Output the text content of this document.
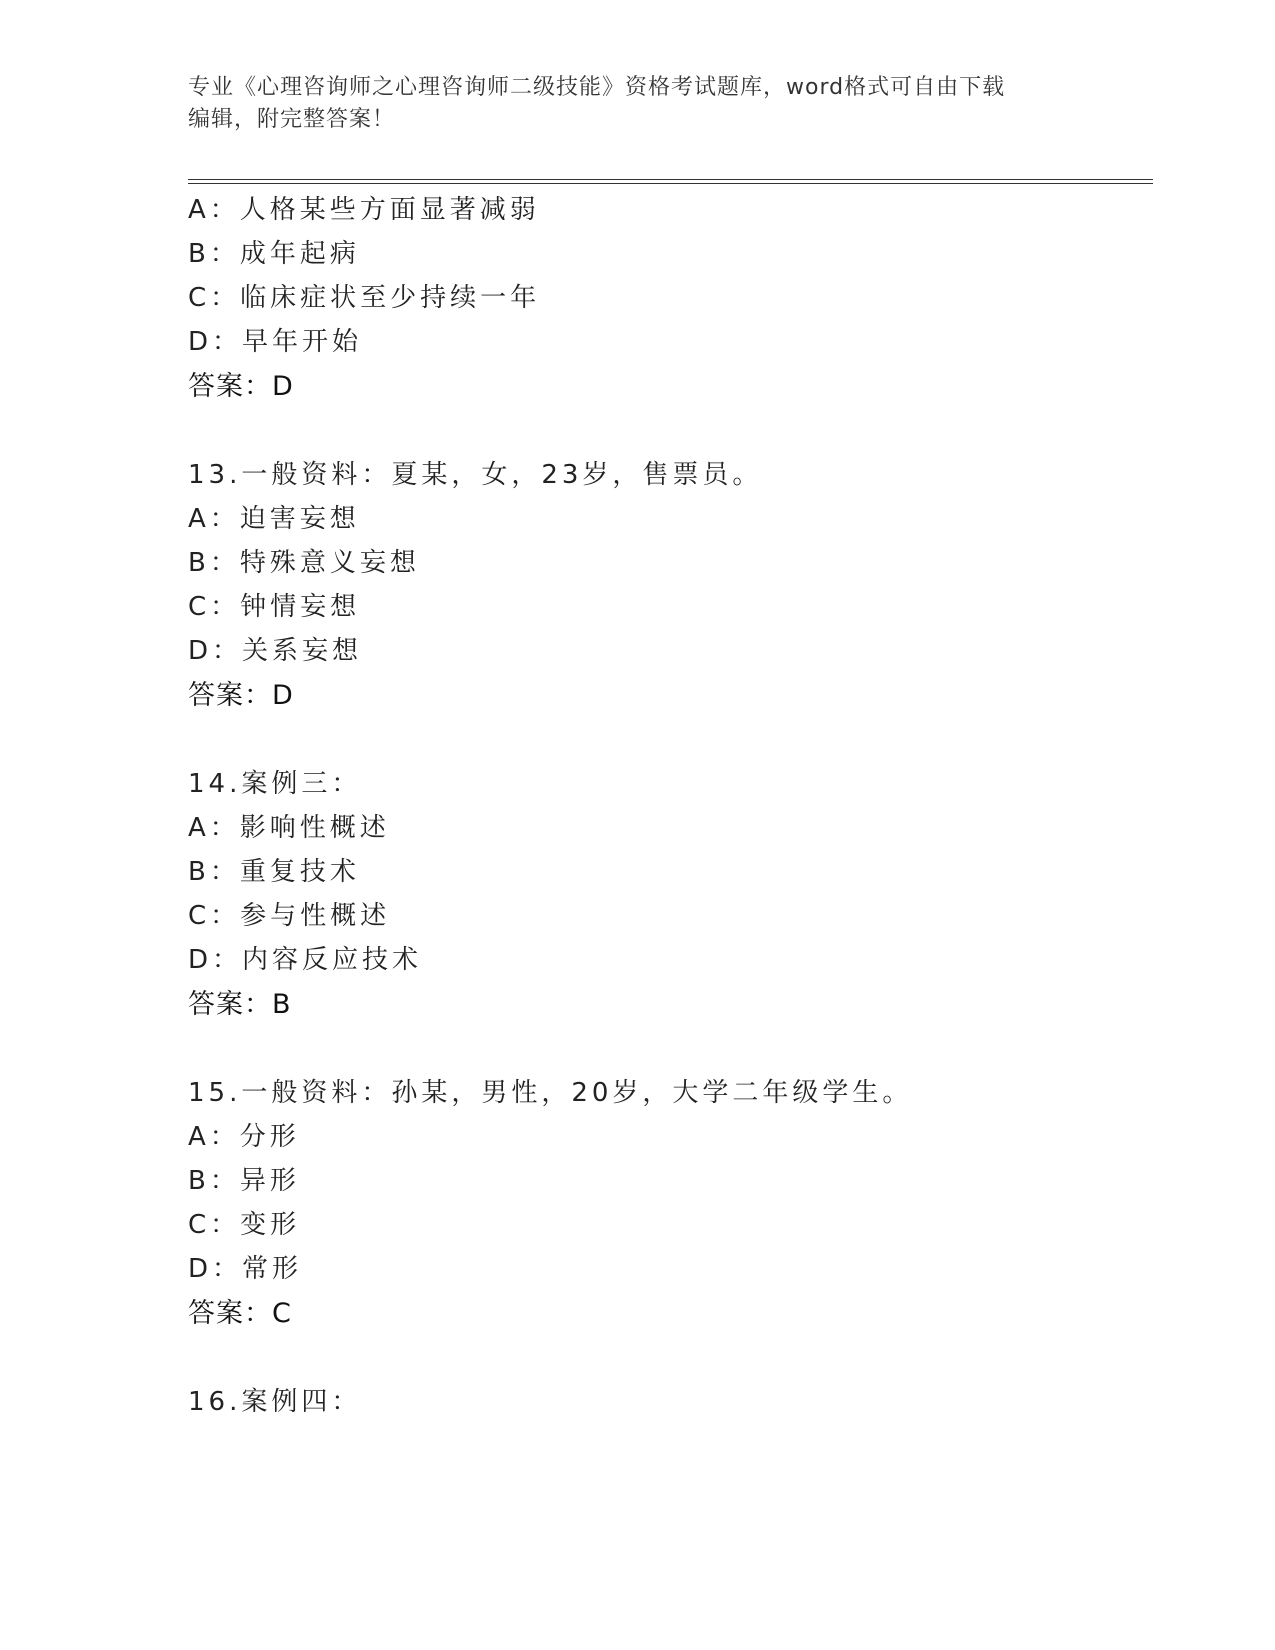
专业《心理咨询师之心理咨询师二级技能》资格考试题库，word格式可自由下载
编辑，附完整答案！
A：人格某些方面显著减弱
B：成年起病
C：临床症状至少持续一年
D：早年开始
答案：D
13.一般资料：夏某，女，23岁，售票员。
A：迫害妄想
B：特殊意义妄想
C：钟情妄想
D：关系妄想
答案：D
14.案例三：
A：影响性概述
B：重复技术
C：参与性概述
D：内容反应技术
答案：B
15.一般资料：孙某，男性，20岁，大学二年级学生。
A：分形
B：异形
C：变形
D：常形
答案：C
16.案例四：
